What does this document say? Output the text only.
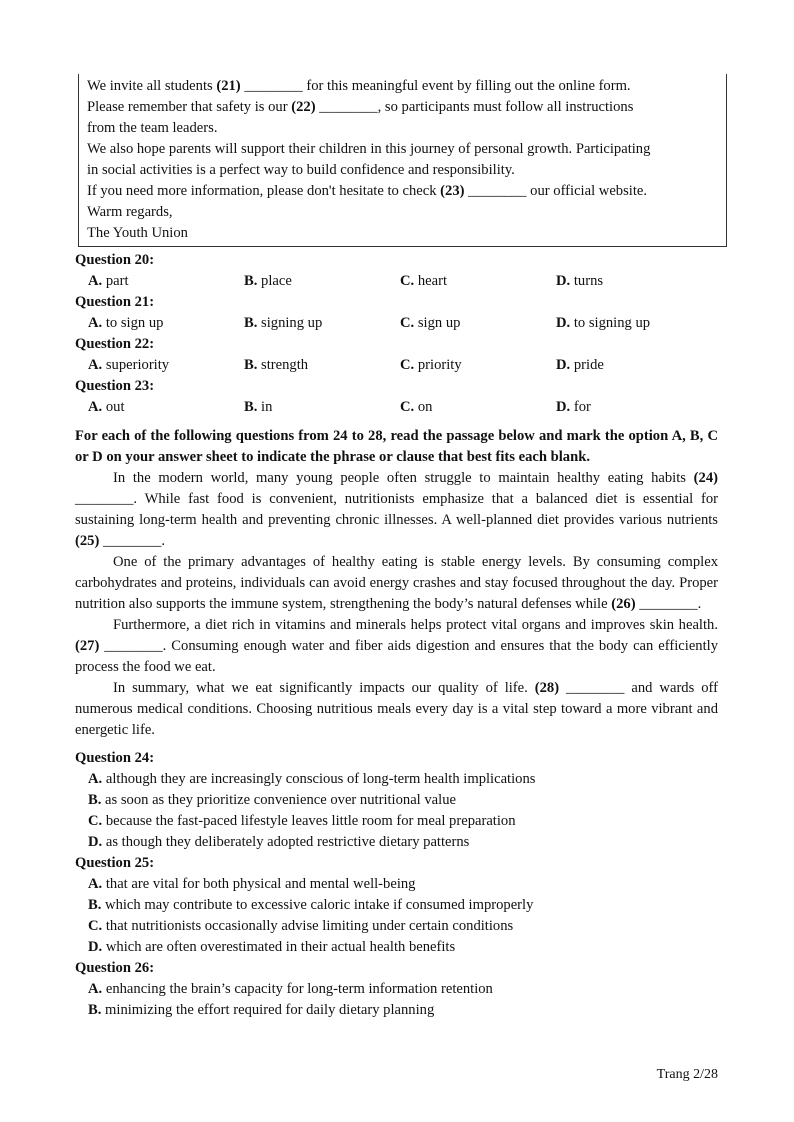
We invite all students (21) ________ for this meaningful event by filling out the online form.
Please remember that safety is our (22) ________, so participants must follow all instructions
from the team leaders.
We also hope parents will support their children in this journey of personal growth. Participating
in social activities is a perfect way to build confidence and responsibility.
If you need more information, please don't hesitate to check (23) ________ our official website.
Warm regards,
The Youth Union
Question 20:
A. part	B. place	C. heart	D. turns
Question 21:
A. to sign up	B. signing up	C. sign up	D. to signing up
Question 22:
A. superiority	B. strength	C. priority	D. pride
Question 23:
A. out	B. in	C. on	D. for
For each of the following questions from 24 to 28, read the passage below and mark the option A, B, C or D on your answer sheet to indicate the phrase or clause that best fits each blank.
In the modern world, many young people often struggle to maintain healthy eating habits (24) ________. While fast food is convenient, nutritionists emphasize that a balanced diet is essential for sustaining long-term health and preventing chronic illnesses. A well-planned diet provides various nutrients (25) ________.
One of the primary advantages of healthy eating is stable energy levels. By consuming complex carbohydrates and proteins, individuals can avoid energy crashes and stay focused throughout the day. Proper nutrition also supports the immune system, strengthening the body’s natural defenses while (26) ________.
Furthermore, a diet rich in vitamins and minerals helps protect vital organs and improves skin health. (27) ________. Consuming enough water and fiber aids digestion and ensures that the body can efficiently process the food we eat.
In summary, what we eat significantly impacts our quality of life. (28) ________ and wards off numerous medical conditions. Choosing nutritious meals every day is a vital step toward a more vibrant and energetic life.
Question 24:
A. although they are increasingly conscious of long-term health implications
B. as soon as they prioritize convenience over nutritional value
C. because the fast-paced lifestyle leaves little room for meal preparation
D. as though they deliberately adopted restrictive dietary patterns
Question 25:
A. that are vital for both physical and mental well-being
B. which may contribute to excessive caloric intake if consumed improperly
C. that nutritionists occasionally advise limiting under certain conditions
D. which are often overestimated in their actual health benefits
Question 26:
A. enhancing the brain’s capacity for long-term information retention
B. minimizing the effort required for daily dietary planning
Trang 2/28
